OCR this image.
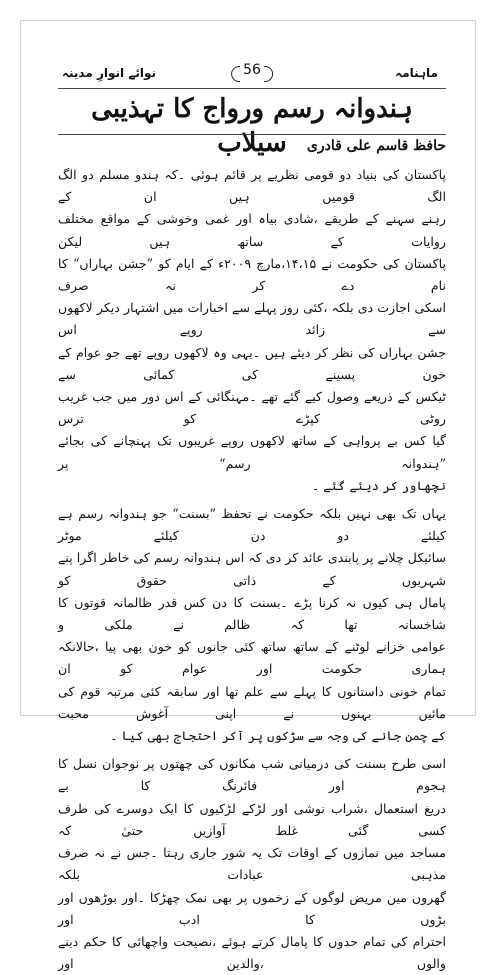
ماہنامہ
56
نوائے انوارِ مدینہ
ہندوانہ رسم ورواج کا تہذیبی سیلاب	حافظ قاسم علی قادری

پاکستان کی بنیاد دو قومی نظریے پر قائم ہوئی ۔کہ ہندو مسلم دو الگ الگ قومیں ہیں ان کے
رہنے سہنے کے طریقے ،شادی بیاہ اور غمی وخوشی کے مواقع مختلف روایات کے ساتھ ہیں لیکن
پاکستان کی حکومت نے ۱۴،۱۵،مارچ ۲۰۰۹ء کے ایام کو ”جشن بہاراں“ کا نام دے کر نہ صرف
اسکی اجازت دی بلکہ ،کئی روز پہلے سے اخبارات میں اشتہار دیکر لاکھوں سے زائد روپے اس
جشن بہاراں کی نظر کر دیئے ہیں ۔یہی وہ لاکھوں روپے تھے جو عوام کے خون پسینے کی کمائی سے
ٹیکس کے ذریعے وصول کیے گئے تھے ۔مہنگائی کے اس دور میں جب غریب روٹی کپڑے کو ترس
گیا کس بے پرواہی کے ساتھ لاکھوں روپے غریبوں تک پہنچانے کی بجائے ”ہندوانہ رسم“ پر
نچھاور کر دیئے گئے ۔

یہاں تک بھی نہیں بلکہ حکومت نے تحفظ ”بسنت“ جو ہندوانہ رسم ہے کیلئے دو دن کیلئے موٹر
سائیکل چلانے پر پابندی عائد کر دی کہ اس ہندوانہ رسم کی خاطر اگرا پنے شہریوں کے ذاتی حقوق کو
پامال ہی کیوں نہ کرنا پڑے ۔بسنت کا دن کس قدر ظالمانہ قوتوں کا شاخسانہ تھا کہ ظالم نے ملکی و
عوامی خزانے لوٹنے کے ساتھ ساتھ کئی جانوں کو خون بھی پیا ،حالانکہ ہماری حکومت اور عوام کو ان
تمام خونی داستانوں کا پہلے سے علم تھا اور سابقہ کئی مرتبہ قوم کی مائیں بہنوں نے اپنی آغوش محبت
کے چمن جانے کی وجہ سے سڑکوں پر آکر احتجاج بھی کیا ۔

اسی طرح بسنت کی درمیانی شب مکانوں کی چھتوں پر نوجوان نسل کا ہجوم اور فائرنگ کا بے
دریغ استعمال ،شراب نوشی اور لڑکے لڑکیوں کا ایک دوسرے کی طرف کسی گئی غلط آوازیں حتیٰ کہ
مساجد میں نمازوں کے اوقات تک یہ شور جاری رہتا ۔جس نے نہ صرف مذہبی عبادات بلکہ
گھروں میں مریض لوگوں کے زخموں پر بھی نمک چھڑکا ۔اور بوڑھوں اور بڑوں کا ادب اور
احترام کی تمام حدوں کا پامال کرتے ہوئے ،نصیحت واچھائی کا حکم دینے والوں ،والدین اور
